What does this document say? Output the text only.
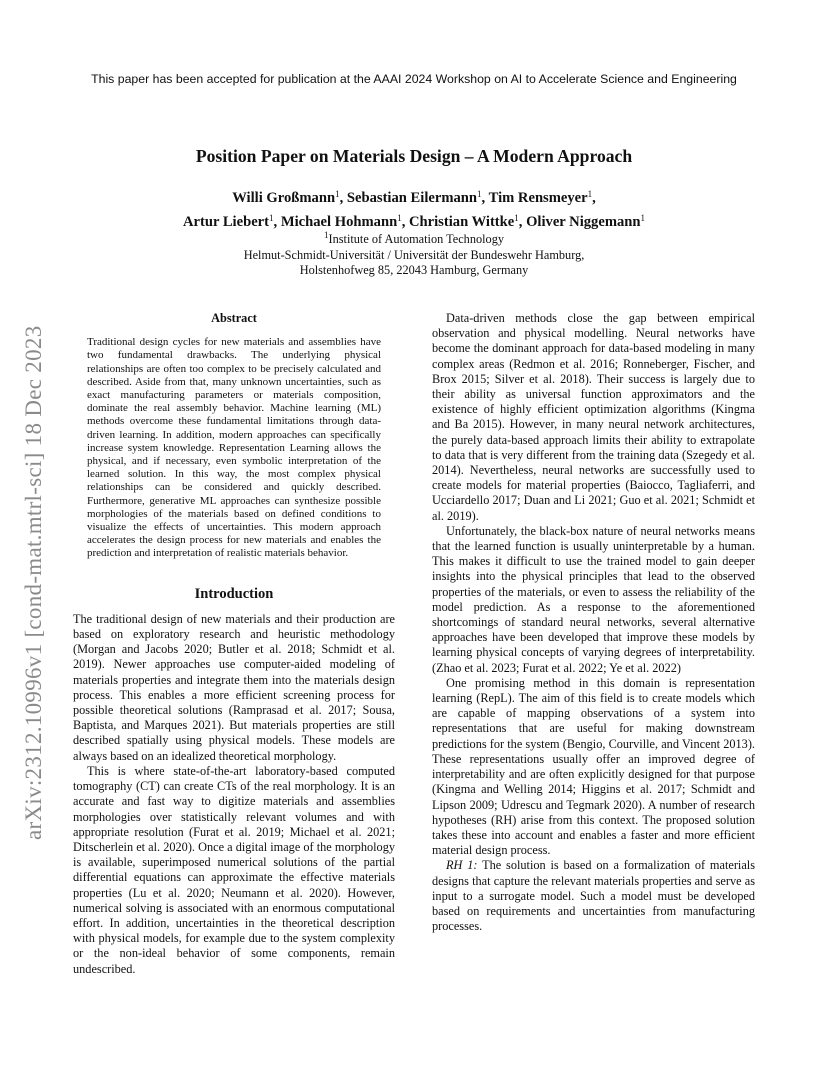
This paper has been accepted for publication at the AAAI 2024 Workshop on AI to Accelerate Science and Engineering
arXiv:2312.10996v1 [cond-mat.mtrl-sci] 18 Dec 2023
Position Paper on Materials Design – A Modern Approach
Willi Großmann$^1$, Sebastian Eilermann$^1$, Tim Rensmeyer$^1$,
Artur Liebert$^1$, Michael Hohmann$^1$, Christian Wittke$^1$, Oliver Niggemann$^1$
$^1$Institute of Automation Technology
Helmut-Schmidt-Universität / Universität der Bundeswehr Hamburg,
Holstenhofweg 85, 22043 Hamburg, Germany
Abstract

Traditional design cycles for new materials and assemblies have two fundamental drawbacks. The underlying physical relationships are often too complex to be precisely calculated and described. Aside from that, many unknown uncertainties, such as exact manufacturing parameters or materials composition, dominate the real assembly behavior. Machine learning (ML) methods overcome these fundamental limitations through data-driven learning. In addition, modern approaches can specifically increase system knowledge. Representation Learning allows the physical, and if necessary, even symbolic interpretation of the learned solution. In this way, the most complex physical relationships can be considered and quickly described. Furthermore, generative ML approaches can synthesize possible morphologies of the materials based on defined conditions to visualize the effects of uncertainties. This modern approach accelerates the design process for new materials and enables the prediction and interpretation of realistic materials behavior.

Introduction

The traditional design of new materials and their production are based on exploratory research and heuristic methodology (Morgan and Jacobs 2020; Butler et al. 2018; Schmidt et al. 2019). Newer approaches use computer-aided modeling of materials properties and integrate them into the materials design process. This enables a more efficient screening process for possible theoretical solutions (Ramprasad et al. 2017; Sousa, Baptista, and Marques 2021). But materials properties are still described spatially using physical models. These models are always based on an idealized theoretical morphology.

This is where state-of-the-art laboratory-based computed tomography (CT) can create CTs of the real morphology. It is an accurate and fast way to digitize materials and assemblies morphologies over statistically relevant volumes and with appropriate resolution (Furat et al. 2019; Michael et al. 2021; Ditscherlein et al. 2020). Once a digital image of the morphology is available, superimposed numerical solutions of the partial differential equations can approximate the effective materials properties (Lu et al. 2020; Neumann et al. 2020). However, numerical solving is associated with an enormous computational effort. In addition, uncertainties in the theoretical description with physical models, for example due to the system complexity or the non-ideal behavior of some components, remain undescribed.

Data-driven methods close the gap between empirical observation and physical modelling. Neural networks have become the dominant approach for data-based modeling in many complex areas (Redmon et al. 2016; Ronneberger, Fischer, and Brox 2015; Silver et al. 2018). Their success is largely due to their ability as universal function approximators and the existence of highly efficient optimization algorithms (Kingma and Ba 2015). However, in many neural network architectures, the purely data-based approach limits their ability to extrapolate to data that is very different from the training data (Szegedy et al. 2014). Nevertheless, neural networks are successfully used to create models for material properties (Baiocco, Tagliaferri, and Ucciardello 2017; Duan and Li 2021; Guo et al. 2021; Schmidt et al. 2019).

Unfortunately, the black-box nature of neural networks means that the learned function is usually uninterpretable by a human. This makes it difficult to use the trained model to gain deeper insights into the physical principles that lead to the observed properties of the materials, or even to assess the reliability of the model prediction. As a response to the aforementioned shortcomings of standard neural networks, several alternative approaches have been developed that improve these models by learning physical concepts of varying degrees of interpretability. (Zhao et al. 2023; Furat et al. 2022; Ye et al. 2022)

One promising method in this domain is representation learning (RepL). The aim of this field is to create models which are capable of mapping observations of a system into representations that are useful for making downstream predictions for the system (Bengio, Courville, and Vincent 2013). These representations usually offer an improved degree of interpretability and are often explicitly designed for that purpose (Kingma and Welling 2014; Higgins et al. 2017; Schmidt and Lipson 2009; Udrescu and Tegmark 2020). A number of research hypotheses (RH) arise from this context. The proposed solution takes these into account and enables a faster and more efficient material design process.

RH 1: The solution is based on a formalization of materials designs that capture the relevant materials properties and serve as input to a surrogate model. Such a model must be developed based on requirements and uncertainties from manufacturing processes.
